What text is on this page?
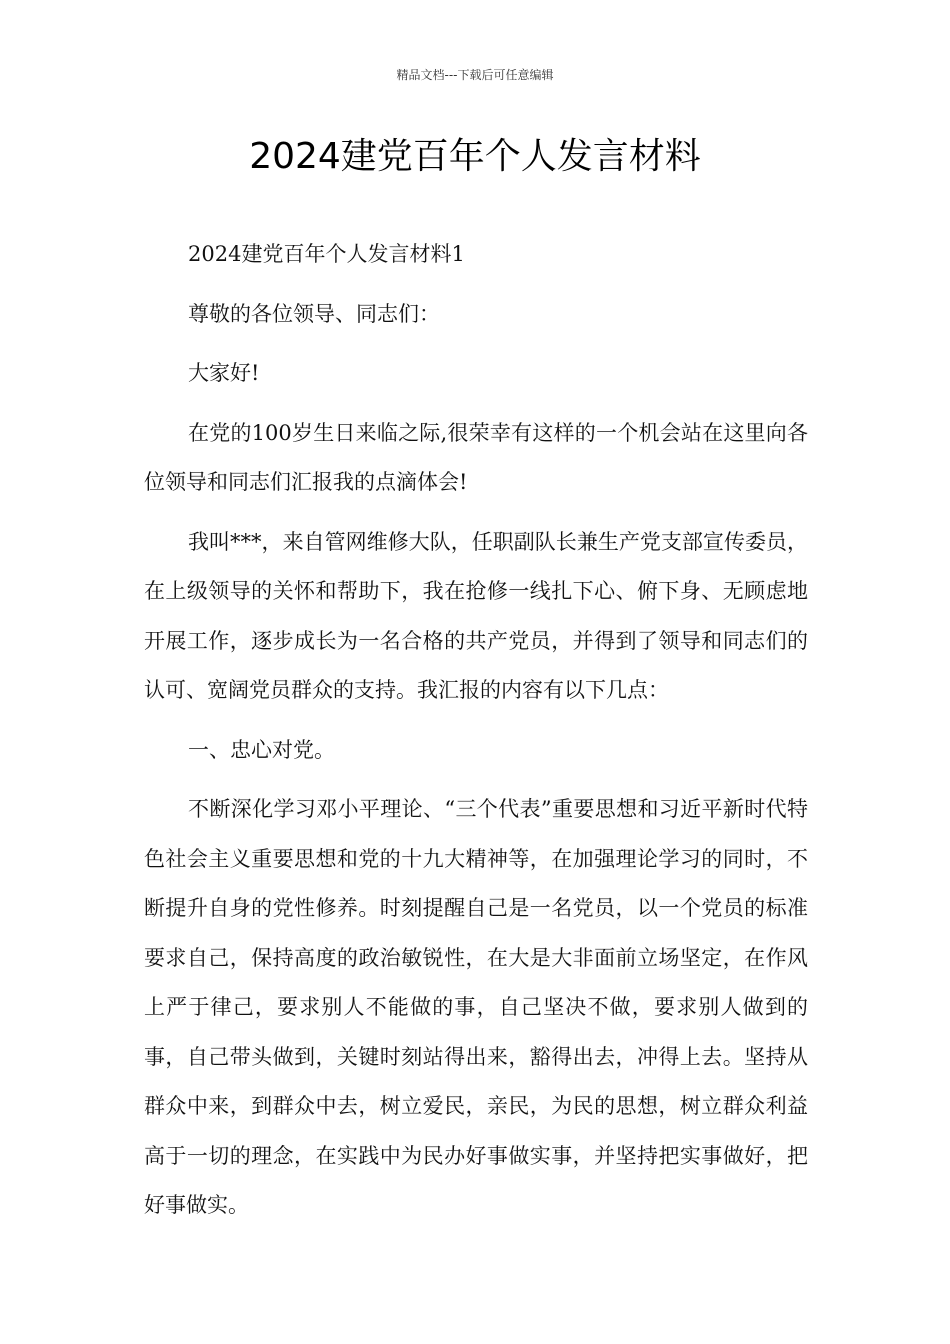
精品文档---下载后可任意编辑
2024建党百年个人发言材料

2024建党百年个人发言材料1

尊敬的各位领导、同志们：

大家好!

在党的100岁生日来临之际,很荣幸有这样的一个机会站在这里向各位领导和同志们汇报我的点滴体会!

我叫***，来自管网维修大队，任职副队长兼生产党支部宣传委员，在上级领导的关怀和帮助下，我在抢修一线扎下心、俯下身、无顾虑地开展工作，逐步成长为一名合格的共产党员，并得到了领导和同志们的认可、宽阔党员群众的支持。我汇报的内容有以下几点：

一、忠心对党。

不断深化学习邓小平理论、“三个代表”重要思想和习近平新时代特色社会主义重要思想和党的十九大精神等，在加强理论学习的同时，不断提升自身的党性修养。时刻提醒自己是一名党员，以一个党员的标准要求自己，保持高度的政治敏锐性，在大是大非面前立场坚定，在作风上严于律己，要求别人不能做的事，自己坚决不做，要求别人做到的事，自己带头做到，关键时刻站得出来，豁得出去，冲得上去。坚持从群众中来，到群众中去，树立爱民，亲民，为民的思想，树立群众利益高于一切的理念，在实践中为民办好事做实事，并坚持把实事做好，把好事做实。
